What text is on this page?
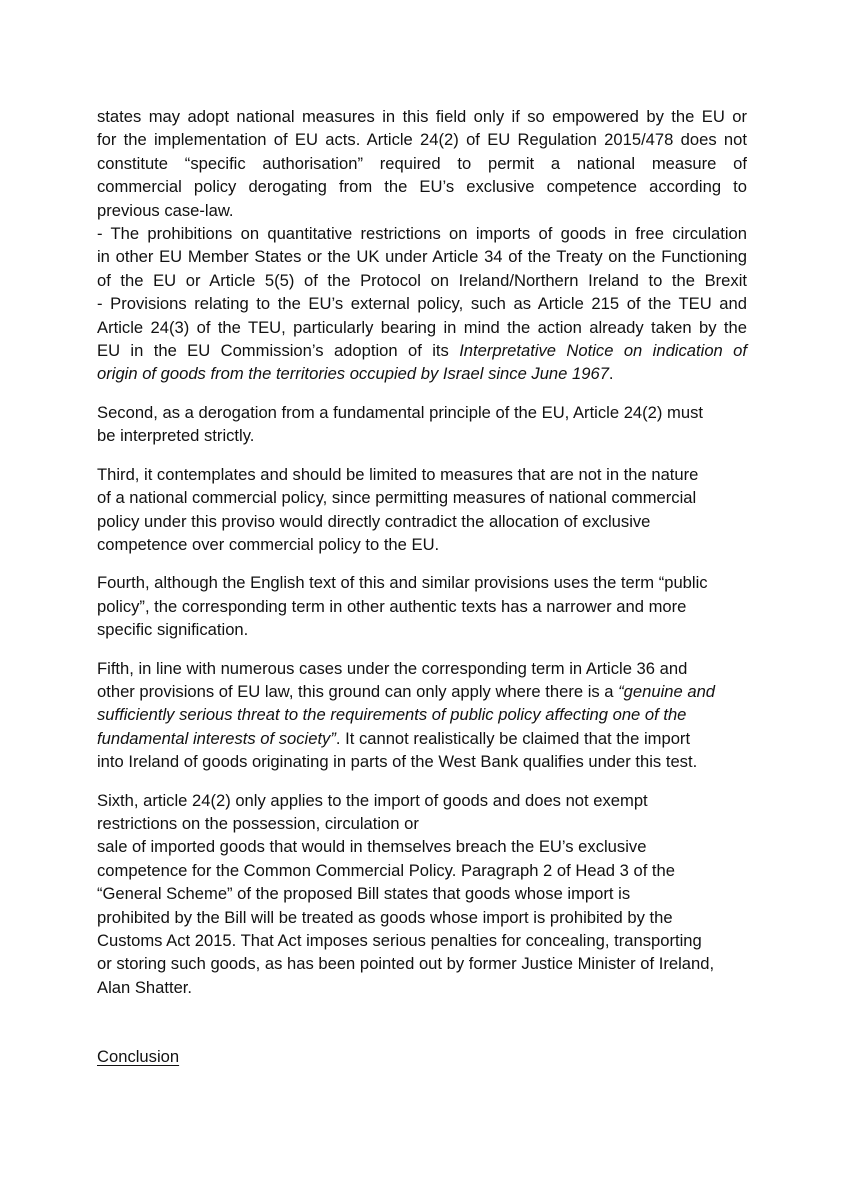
states may adopt national measures in this field only if so empowered by the EU or
for the implementation of EU acts. Article 24(2) of EU Regulation 2015/478 does not
constitute “specific authorisation” required to permit a national measure of
commercial policy derogating from the EU’s exclusive competence according to
previous case-law.
- The prohibitions on quantitative restrictions on imports of goods in free circulation
in other EU Member States or the UK under Article 34 of the Treaty on the Functioning
of the EU or Article 5(5) of the Protocol on Ireland/Northern Ireland to the Brexit
- Provisions relating to the EU’s external policy, such as Article 215 of the TEU and
Article 24(3) of the TEU, particularly bearing in mind the action already taken by the
EU in the EU Commission’s adoption of its Interpretative Notice on indication of
origin of goods from the territories occupied by Israel since June 1967.
Second, as a derogation from a fundamental principle of the EU, Article 24(2) must
be interpreted strictly.
Third, it contemplates and should be limited to measures that are not in the nature
of a national commercial policy, since permitting measures of national commercial
policy under this proviso would directly contradict the allocation of exclusive
competence over commercial policy to the EU.
Fourth, although the English text of this and similar provisions uses the term “public
policy”, the corresponding term in other authentic texts has a narrower and more
specific signification.
Fifth, in line with numerous cases under the corresponding term in Article 36 and
other provisions of EU law, this ground can only apply where there is a “genuine and
sufficiently serious threat to the requirements of public policy affecting one of the
fundamental interests of society”. It cannot realistically be claimed that the import
into Ireland of goods originating in parts of the West Bank qualifies under this test.
Sixth, article 24(2) only applies to the import of goods and does not exempt
restrictions on the possession, circulation or
sale of imported goods that would in themselves breach the EU’s exclusive
competence for the Common Commercial Policy. Paragraph 2 of Head 3 of the
“General Scheme” of the proposed Bill states that goods whose import is
prohibited by the Bill will be treated as goods whose import is prohibited by the
Customs Act 2015. That Act imposes serious penalties for concealing, transporting
or storing such goods, as has been pointed out by former Justice Minister of Ireland,
Alan Shatter.
Conclusion
